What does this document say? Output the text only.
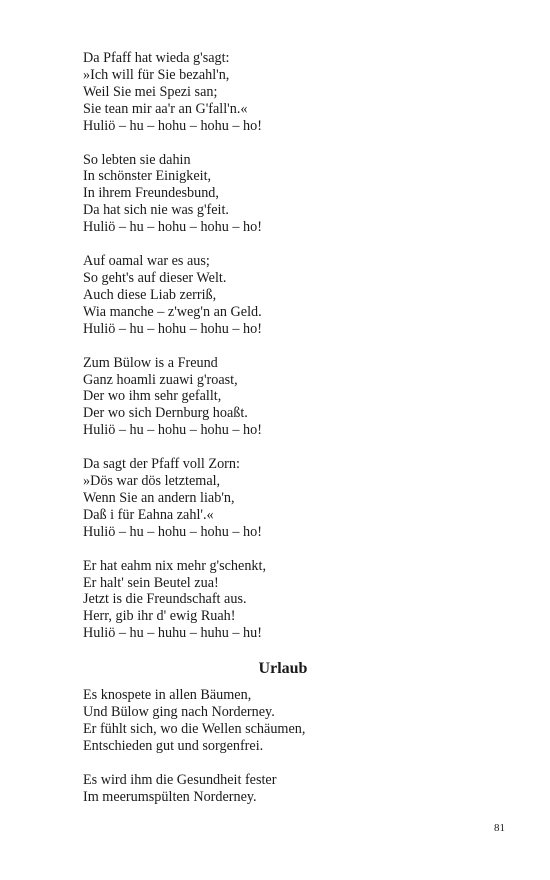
Da Pfaff hat wieda g'sagt:
»Ich will für Sie bezahl'n,
Weil Sie mei Spezi san;
Sie tean mir aa'r an G'fall'n.«
Huliö – hu – hohu – hohu – ho!
So lebten sie dahin
In schönster Einigkeit,
In ihrem Freundesbund,
Da hat sich nie was g'feit.
Huliö – hu – hohu – hohu – ho!
Auf oamal war es aus;
So geht's auf dieser Welt.
Auch diese Liab zerriß,
Wia manche – z'weg'n an Geld.
Huliö – hu – hohu – hohu – ho!
Zum Bülow is a Freund
Ganz hoamli zuawi g'roast,
Der wo ihm sehr gefallt,
Der wo sich Dernburg hoaßt.
Huliö – hu – hohu – hohu – ho!
Da sagt der Pfaff voll Zorn:
»Dös war dös letztemal,
Wenn Sie an andern liab'n,
Daß i für Eahna zahl'.«
Huliö – hu – hohu – hohu – ho!
Er hat eahm nix mehr g'schenkt,
Er halt' sein Beutel zua!
Jetzt is die Freundschaft aus.
Herr, gib ihr d' ewig Ruah!
Huliö – hu – huhu – huhu – hu!
Urlaub
Es knospete in allen Bäumen,
Und Bülow ging nach Norderney.
Er fühlt sich, wo die Wellen schäumen,
Entschieden gut und sorgenfrei.
Es wird ihm die Gesundheit fester
Im meerumspülten Norderney.
81
